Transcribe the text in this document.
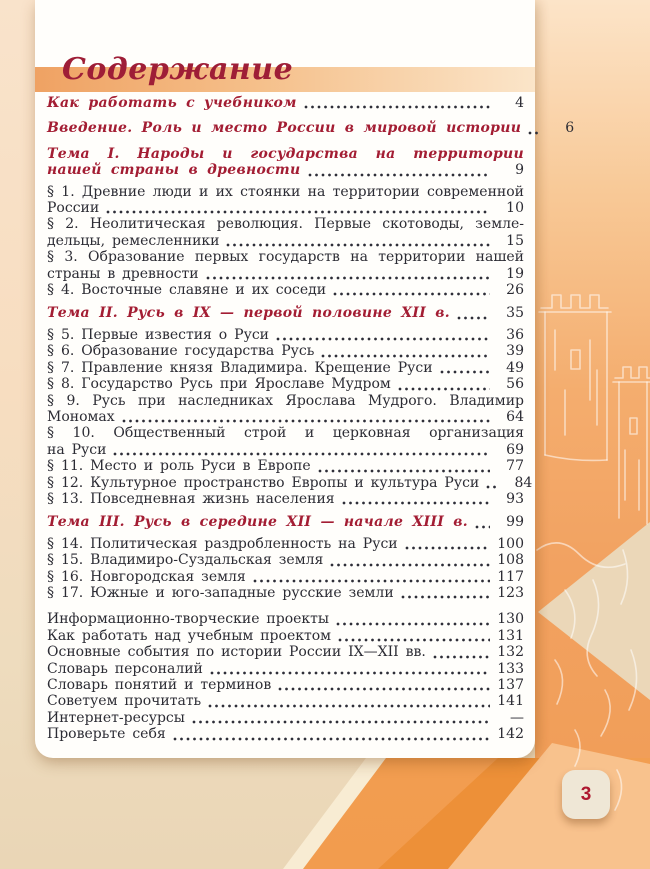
Содержание
Как работать с учебником	4
Введение. Роль и место России в мировой истории	6
Тема I. Народы и государства на территории
нашей страны в древности	9
§ 1. Древние люди и их стоянки на территории современной
России	10
§ 2. Неолитическая революция. Первые скотоводы, земле-
дельцы, ремесленники	15
§ 3. Образование первых государств на территории нашей
страны в древности	19
§ 4. Восточные славяне и их соседи	26
Тема II. Русь в IX — первой половине XII в.	35
§ 5. Первые известия о Руси	36
§ 6. Образование государства Русь	39
§ 7. Правление князя Владимира. Крещение Руси	49
§ 8. Государство Русь при Ярославе Мудром	56
§ 9. Русь при наследниках Ярослава Мудрого. Владимир
Мономах	64
§ 10. Общественный строй и церковная организация
на Руси	69
§ 11. Место и роль Руси в Европе	77
§ 12. Культурное пространство Европы и культура Руси	84
§ 13. Повседневная жизнь населения	93
Тема III. Русь в середине XII — начале XIII в.	99
§ 14. Политическая раздробленность на Руси	100
§ 15. Владимиро-Суздальская земля	108
§ 16. Новгородская земля	117
§ 17. Южные и юго-западные русские земли	123
Информационно-творческие проекты	130
Как работать над учебным проектом	131
Основные события по истории России IX—XII вв.	132
Словарь персоналий	133
Словарь понятий и терминов	137
Советуем прочитать	141
Интернет-ресурсы	—
Проверьте себя	142
3
